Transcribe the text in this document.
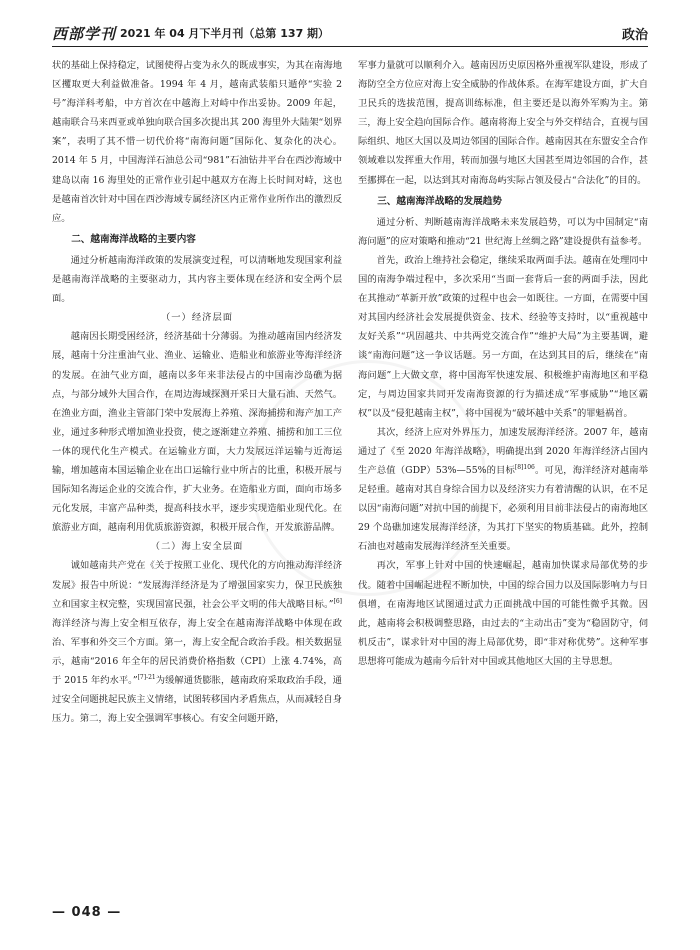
西部学刊 2021 年 04 月下半月刊（总第 137 期）	政治

状的基础上保持稳定，试图使得占变为永久的既成事实，为其在南海地区攫取更大利益做准备。1994 年 4 月，越南武装船只遁停“实验 2 号”海洋科考船，中方首次在中越海上对峙中作出妥协。2009 年起，越南联合马来西亚或单独向联合国多次提出其 200 海里外大陆架“划界案”，表明了其不惜一切代价将“南海问题”国际化、复杂化的决心。2014 年 5 月，中国海洋石油总公司“981”石油钻井平台在西沙海域中建岛以南 16 海里处的正常作业引起中越双方在海上长时间对峙，这也是越南首次针对中国在西沙海域专属经济区内正常作业所作出的激烈反应。

二、越南海洋战略的主要内容

通过分析越南海洋政策的发展演变过程，可以清晰地发现国家利益是越南海洋战略的主要驱动力，其内容主要体现在经济和安全两个层面。

（一）经济层面

越南因长期受困经济，经济基础十分薄弱。为推动越南国内经济发展，越南十分注重油气业、渔业、运输业、造船业和旅游业等海洋经济的发展。在油气业方面，越南以多年来非法侵占的中国南沙岛礁为据点，与部分域外大国合作，在周边海域探测开采日大量石油、天然气。在渔业方面，渔业主管部门荣中发展海上养殖、深海捕捞和海产加工产业，通过多种形式增加渔业投资，使之逐渐建立养殖、捕捞和加工三位一体的现代化生产模式。在运输业方面，大力发展远洋运输与近海运输，增加越南本国运输企业在出口运输行业中所占的比重，积极开展与国际知名海运企业的交流合作，扩大业务。在造船业方面，面向市场多元化发展，丰富产品种类，提高科技水平，逐步实现造船业现代化。在旅游业方面，越南利用优质旅游资源，积极开展合作，开发旅游品牌。

（二）海上安全层面

诚如越南共产党在《关于按照工业化、现代化的方向推动海洋经济发展》报告中所说：“发展海洋经济是为了增强国家实力，保卫民族独立和国家主权完整，实现国富民强，社会公平文明的伟大战略目标。”[6]海洋经济与海上安全相互依存，海上安全在越南海洋战略中体现在政治、军事和外交三个方面。第一，海上安全配合政治手段。相关数据显示，越南“2016 年全年的居民消费价格指数（CPI）上涨 4.74%，高于 2015 年约水平。”$^{[7]-21}$为缓解通货膨胀，越南政府采取政治手段，通过安全问题挑起民族主义情绪，试图转移国内矛盾焦点，从而减轻自身压力。第二，海上安全强调军事核心。有安全问题开路，

军事力量就可以顺利介入。越南因历史原因格外重视军队建设，形成了海防空全方位应对海上安全威胁的作战体系。在海军建设方面，扩大自卫民兵的选拔范围，提高训练标准，但主要还是以海外军购为主。第三，海上安全趋向国际合作。越南将海上安全与外交样结合，直视与国际组织、地区大国以及周边邻国的国际合作。越南因其在东盟安全合作领域难以发挥重大作用，转而加强与地区大国甚至周边邻国的合作，甚至挪掷在一起，以达到其对南海岛屿实际占领及侵占“合法化”的目的。

三、越南海洋战略的发展趋势

通过分析、判断越南海洋战略未来发展趋势，可以为中国制定“南海问题”的应对策略和推动“21 世纪海上丝绸之路”建设提供有益参考。

首先，政治上维持社会稳定，继续采取两面手法。越南在处理同中国的南海争端过程中，多次采用“当面一套背后一套的两面手法，因此在其推动“革新开放”政策的过程中也会一如既往。一方面，在需要中国对其国内经济社会发展提供资金、技术、经验等支持时，以“重视越中友好关系”“巩固越共、中共两党交流合作”“维护大局”为主要基调，避谈“南海问题”这一争议话题。另一方面，在达到其目的后，继续在“南海问题”上大做文章，将中国海军快速发展、积极维护南海地区和平稳定，与周边国家共同开发南海资源的行为描述成“军事威胁”“地区霸权”以及“侵犯越南主权”，将中国视为“破坏越中关系”的罪魁祸首。

其次，经济上应对外界压力，加速发展海洋经济。2007 年，越南通过了《至 2020 年海洋战略》，明确提出到 2020 年海洋经济占国内生产总值（GDP）53%—55%的目标$^{[8]106}$。可见，海洋经济对越南举足轻重。越南对其自身综合国力以及经济实力有着清醒的认识，在不足以因“南海问题”对抗中国的前提下，必须利用目前非法侵占的南海地区 29 个岛礁加速发展海洋经济，为其打下坚实的物质基础。此外，控制石油也对越南发展海洋经济至关重要。

再次，军事上针对中国的快速崛起，越南加快谋求局部优势的步伐。随着中国崛起进程不断加快，中国的综合国力以及国际影响力与日俱增，在南海地区试图通过武力正面挑战中国的可能性微乎其微。因此，越南将会积极调整思路，由过去的“主动出击”变为“稳固防守，伺机反击”，谋求针对中国的海上局部优势，即“非对称优势”。这种军事思想将可能成为越南今后针对中国或其他地区大国的主导思想。

— 048 —
